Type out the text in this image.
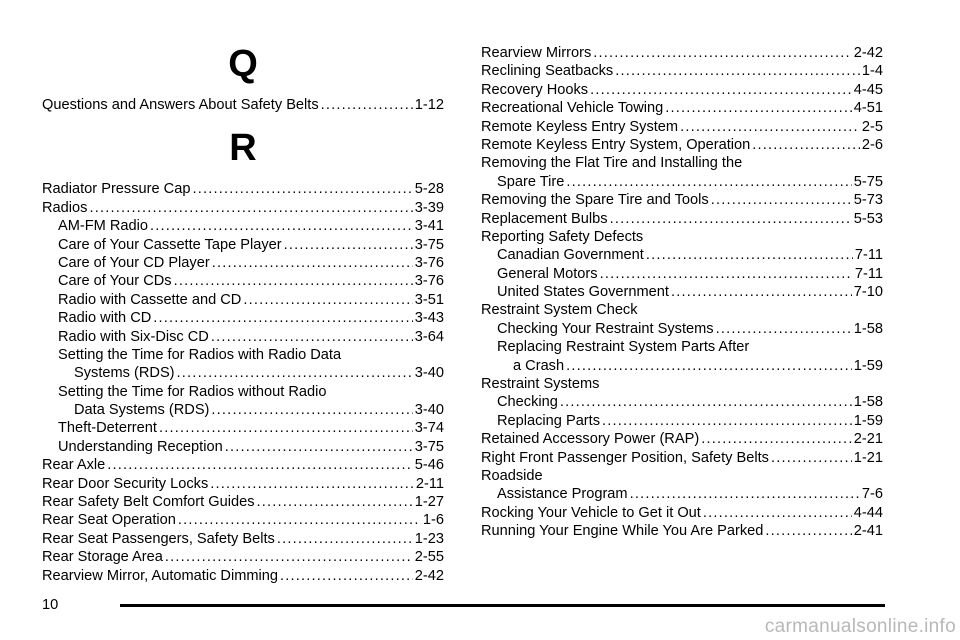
Q
Questions and Answers About Safety Belts .....	1-12
R
Radiator Pressure Cap .....	5-28
Radios .....	3-39
AM-FM Radio .....	3-41
Care of Your Cassette Tape Player .....	3-75
Care of Your CD Player .....	3-76
Care of Your CDs .....	3-76
Radio with Cassette and CD .....	3-51
Radio with CD .....	3-43
Radio with Six-Disc CD .....	3-64
Setting the Time for Radios with Radio Data
Systems (RDS) .....	3-40
Setting the Time for Radios without Radio
Data Systems (RDS) .....	3-40
Theft-Deterrent .....	3-74
Understanding Reception .....	3-75
Rear Axle .....	5-46
Rear Door Security Locks .....	2-11
Rear Safety Belt Comfort Guides .....	1-27
Rear Seat Operation .....	1-6
Rear Seat Passengers, Safety Belts .....	1-23
Rear Storage Area .....	2-55
Rearview Mirror, Automatic Dimming .....	2-42
Rearview Mirrors .....	2-42
Reclining Seatbacks .....	1-4
Recovery Hooks .....	4-45
Recreational Vehicle Towing .....	4-51
Remote Keyless Entry System .....	2-5
Remote Keyless Entry System, Operation .....	2-6
Removing the Flat Tire and Installing the
Spare Tire .....	5-75
Removing the Spare Tire and Tools .....	5-73
Replacement Bulbs .....	5-53
Reporting Safety Defects
Canadian Government .....	7-11
General Motors .....	7-11
United States Government .....	7-10
Restraint System Check
Checking Your Restraint Systems .....	1-58
Replacing Restraint System Parts After
a Crash .....	1-59
Restraint Systems
Checking .....	1-58
Replacing Parts .....	1-59
Retained Accessory Power (RAP) .....	2-21
Right Front Passenger Position, Safety Belts .....	1-21
Roadside
Assistance Program .....	7-6
Rocking Your Vehicle to Get it Out .....	4-44
Running Your Engine While You Are Parked .....	2-41
10
carmanualsonline.info
